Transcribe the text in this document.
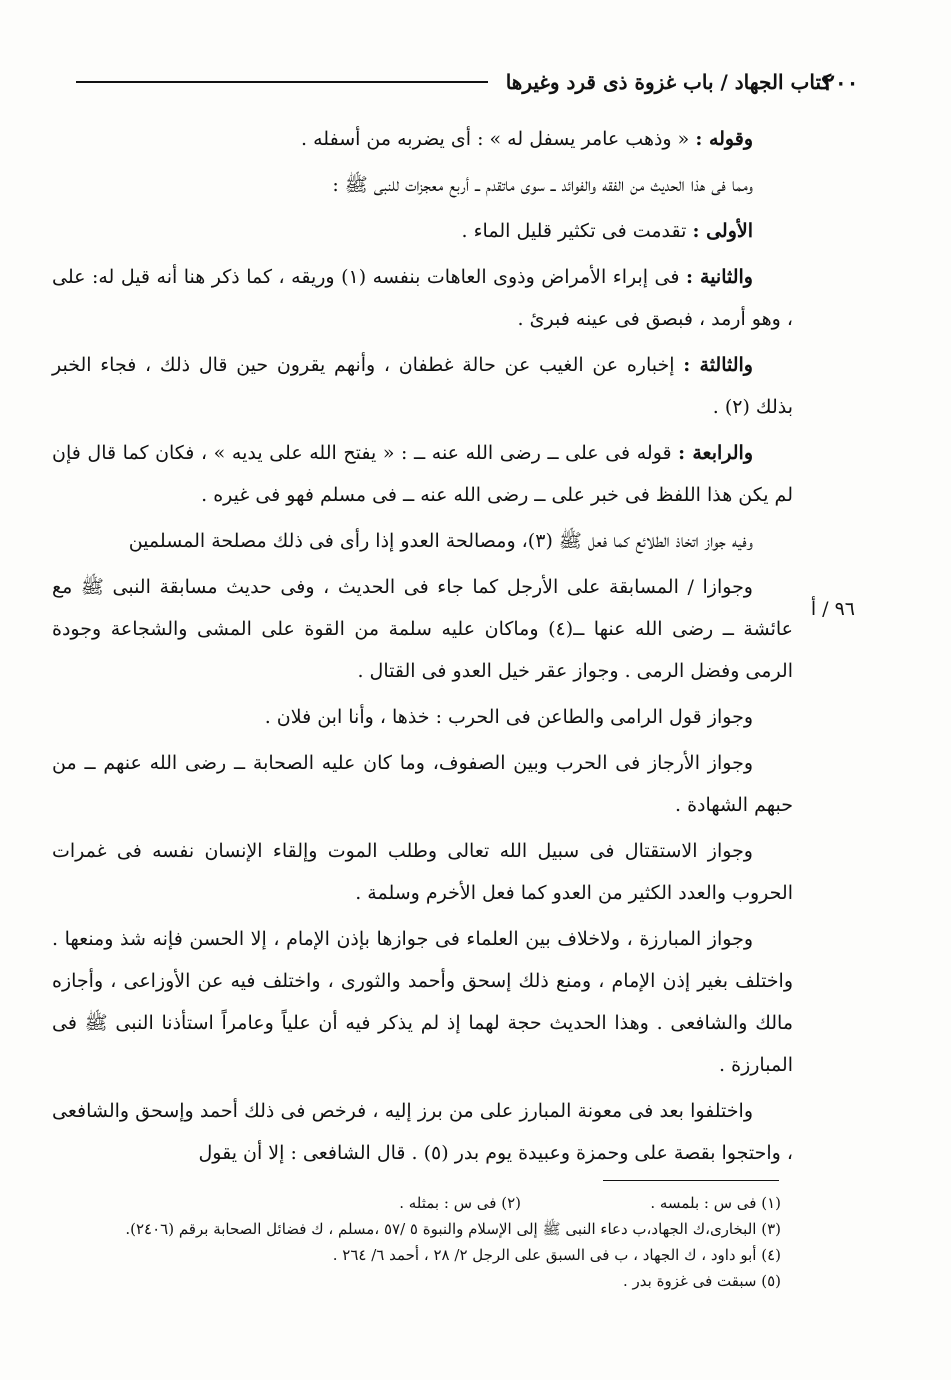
٢٠٠
كتاب الجهاد / باب غزوة ذى قرد وغيرها
٩٦ / أ

وقوله : « وذهب عامر يسفل له » : أى يضربه من أسفله .

ومما فى هذا الحديث من الفقه والفوائد ــ سوى ماتقدم ــ أربع معجزات للنبى ﷺ :

الأولى : تقدمت فى تكثير قليل الماء .

والثانية : فى إبراء الأمراض وذوى العاهات بنفسه (١) وريقه ، كما ذكر هنا أنه قيل له: على ، وهو أرمد ، فبصق فى عينه فبرئ .

والثالثة : إخباره عن الغيب عن حالة غطفان ، وأنهم يقرون حين قال ذلك ، فجاء الخبر بذلك (٢) .

والرابعة : قوله فى على ــ رضى الله عنه ــ : « يفتح الله على يديه » ، فكان كما قال فإن لم يكن هذا اللفظ فى خبر على ــ رضى الله عنه ــ فى مسلم فهو فى غيره .

وفيه جواز اتخاذ الطلائع كما فعل ﷺ (٣)، ومصالحة العدو إذا رأى فى ذلك مصلحة المسلمين

وجوازا / المسابقة على الأرجل كما جاء فى الحديث ، وفى حديث مسابقة النبى ﷺ مع عائشة ــ رضى الله عنها ــ(٤) وماكان عليه سلمة من القوة على المشى والشجاعة وجودة الرمى وفضل الرمى . وجواز عقر خيل العدو فى القتال .

وجواز قول الرامى والطاعن فى الحرب : خذها ، وأنا ابن فلان .

وجواز الأرجاز فى الحرب وبين الصفوف، وما كان عليه الصحابة ــ رضى الله عنهم ــ من حبهم الشهادة .

وجواز الاستقتال فى سبيل الله تعالى وطلب الموت وإلقاء الإنسان نفسه فى غمرات الحروب والعدد الكثير من العدو كما فعل الأخرم وسلمة .

وجواز المبارزة ، ولاخلاف بين العلماء فى جوازها بإذن الإمام ، إلا الحسن فإنه شذ ومنعها . واختلف بغير إذن الإمام ، ومنع ذلك إسحق وأحمد والثورى ، واختلف فيه عن الأوزاعى ، وأجازه مالك والشافعى . وهذا الحديث حجة لهما إذ لم يذكر فيه أن علياً وعامراً استأذنا النبى ﷺ فى المبارزة .

واختلفوا بعد فى معونة المبارز على من برز إليه ، فرخص فى ذلك أحمد وإسحق والشافعى ، واحتجوا بقصة على وحمزة وعبيدة يوم بدر (٥) . قال الشافعى : إلا أن يقول

(١) فى س : بلمسه .
(٢) فى س : بمثله .

(٣) البخارى،ك الجهاد،ب دعاء النبى ﷺ إلى الإسلام والنبوة ٥ /٥٧ ،مسلم ، ك فضائل الصحابة برقم (٢٤٠٦).

(٤) أبو داود ، ك الجهاد ، ب فى السبق على الرجل ٢/ ٢٨ ، أحمد ٦/ ٢٦٤ .

(٥) سبقت فى غزوة بدر .
